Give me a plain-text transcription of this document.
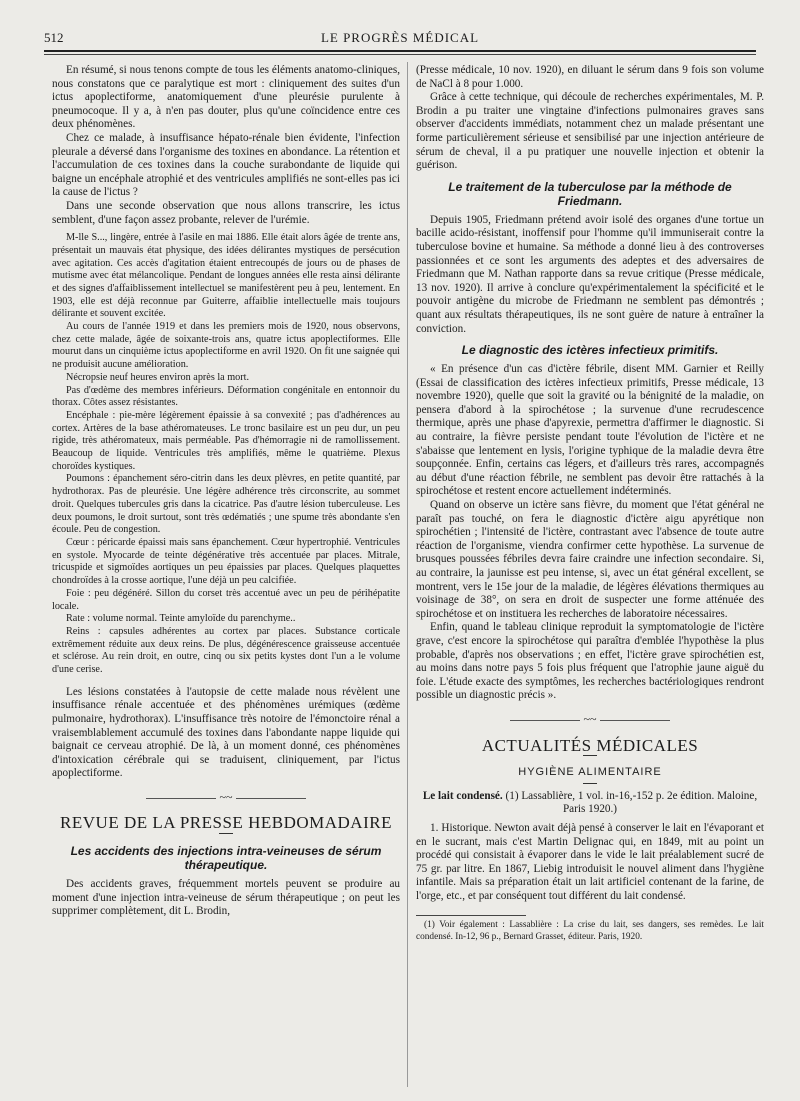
512	LE PROGRÈS MÉDICAL

En résumé, si nous tenons compte de tous les éléments anatomo-cliniques, nous constatons que ce paralytique est mort : cliniquement des suites d'un ictus apoplectiforme, anatomiquement d'une pleurésie purulente à pneumocoque. Il y a, à n'en pas douter, plus qu'une coïncidence entre ces deux phénomènes.

Chez ce malade, à insuffisance hépato-rénale bien évidente, l'infection pleurale a déversé dans l'organisme des toxines en abondance. La rétention et l'accumulation de ces toxines dans la couche surabondante de liquide qui baigne un encéphale atrophié et des ventricules amplifiés ne sont-elles pas ici la cause de l'ictus ?

Dans une seconde observation que nous allons transcrire, les ictus semblent, d'une façon assez probante, relever de l'urémie.

M-lle S..., lingère, entrée à l'asile en mai 1886. Elle était alors âgée de trente ans, présentait un mauvais état physique, des idées délirantes mystiques de persécution avec agitation. Ces accès d'agitation étaient entrecoupés de jours ou de phases de mutisme avec état mélancolique. Pendant de longues années elle resta ainsi délirante et des signes d'affaiblissement intellectuel se manifestèrent peu à peu, lentement. En 1903, elle est déjà reconnue par Guiterre, affaiblie intellectuelle mais toujours délirante et souvent excitée.

Au cours de l'année 1919 et dans les premiers mois de 1920, nous observons, chez cette malade, âgée de soixante-trois ans, quatre ictus apoplectiformes. Elle mourut dans un cinquième ictus apoplectiforme en avril 1920. On fit une saignée qui ne produisit aucune amélioration.

Nécropsie neuf heures environ après la mort.

Pas d'œdème des membres inférieurs. Déformation congénitale en entonnoir du thorax. Côtes assez résistantes.

Encéphale : pie-mère légèrement épaissie à sa convexité ; pas d'adhérences au cortex. Artères de la base athéromateuses. Le tronc basilaire est un peu dur, un peu rigide, très athéromateux, mais perméable. Pas d'hémorragie ni de ramollissement. Beaucoup de liquide. Ventricules très amplifiés, même le quatrième. Plexus choroïdes kystiques.

Poumons : épanchement séro-citrin dans les deux plèvres, en petite quantité, par hydrothorax. Pas de pleurésie. Une légère adhérence très circonscrite, au sommet droit. Quelques tubercules gris dans la cicatrice. Pas d'autre lésion tuberculeuse. Les deux poumons, le droit surtout, sont très œdématiés ; une spume très abondante s'en écoule. Peu de congestion.

Cœur : péricarde épaissi mais sans épanchement. Cœur hypertrophié. Ventricules en systole. Myocarde de teinte dégénérative très accentuée par places. Mitrale, tricuspide et sigmoïdes aortiques un peu épaissies par places. Quelques plaquettes chondroïdes à la crosse aortique, l'une déjà un peu calcifiée.

Foie : peu dégénéré. Sillon du corset très accentué avec un peu de périhépatite locale.

Rate : volume normal. Teinte amyloïde du parenchyme..

Reins : capsules adhérentes au cortex par places. Substance corticale extrêmement réduite aux deux reins. De plus, dégénérescence graisseuse accentuée et sclérose. Au rein droit, en outre, cinq ou six petits kystes dont l'un a le volume d'une cerise.

Les lésions constatées à l'autopsie de cette malade nous révèlent une insuffisance rénale accentuée et des phénomènes urémiques (œdème pulmonaire, hydrothorax). L'insuffisance très notoire de l'émonctoire rénal a vraisemblablement accumulé des toxines dans l'abondante nappe liquide qui baignait ce cerveau atrophié. De là, à un moment donné, ces phénomènes d'intoxication cérébrale qui se traduisent, cliniquement, par l'ictus apoplectiforme.

~~
REVUE DE LA PRESSE HEBDOMADAIRE
Les accidents des injections intra-veineuses de sérum thérapeutique.

Des accidents graves, fréquemment mortels peuvent se produire au moment d'une injection intra-veineuse de sérum thérapeutique ; on peut les supprimer complètement, dit L. Brodin,

(Presse médicale, 10 nov. 1920), en diluant le sérum dans 9 fois son volume de NaCl à 8 pour 1.000.

Grâce à cette technique, qui découle de recherches expérimentales, M. P. Brodin a pu traiter une vingtaine d'infections pulmonaires graves sans observer d'accidents immédiats, notamment chez un malade présentant une forme particulièrement sérieuse et sensibilisé par une injection antérieure de sérum de cheval, il a pu pratiquer une nouvelle injection et obtenir la guérison.

Le traitement de la tuberculose par la méthode de Friedmann.

Depuis 1905, Friedmann prétend avoir isolé des organes d'une tortue un bacille acido-résistant, inoffensif pour l'homme qu'il immuniserait contre la tuberculose bovine et humaine. Sa méthode a donné lieu à des controverses passionnées et ce sont les arguments des adeptes et des adversaires de Friedmann que M. Nathan rapporte dans sa revue critique (Presse médicale, 13 nov. 1920). Il arrive à conclure qu'expérimentalement la spécificité et le pouvoir antigène du microbe de Friedmann ne semblent pas démontrés ; quant aux résultats thérapeutiques, ils ne sont guère de nature à entraîner la conviction.

Le diagnostic des ictères infectieux primitifs.

« En présence d'un cas d'ictère fébrile, disent MM. Garnier et Reilly (Essai de classification des ictères infectieux primitifs, Presse médicale, 13 novembre 1920), quelle que soit la gravité ou la bénignité de la maladie, on pensera d'abord à la spirochétose ; la survenue d'une recrudescence thermique, après une phase d'apyrexie, permettra d'affirmer le diagnostic. Si au contraire, la fièvre persiste pendant toute l'évolution de l'ictère et ne s'abaisse que lentement en lysis, l'origine typhique de la maladie devra être soupçonnée. Enfin, certains cas légers, et d'ailleurs très rares, accompagnés au début d'une réaction fébrile, ne semblent pas devoir être rattachés à la spirochétose et restent encore actuellement indéterminés.

Quand on observe un ictère sans fièvre, du moment que l'état général ne paraît pas touché, on fera le diagnostic d'ictère aigu apyrétique non spirochétien ; l'intensité de l'ictère, contrastant avec l'absence de toute autre réaction de l'organisme, viendra confirmer cette hypothèse. La survenue de brusques poussées fébriles devra faire craindre une infection secondaire. Si, au contraire, la jaunisse est peu intense, si, avec un état général excellent, se montrent, vers le 15e jour de la maladie, de légères élévations thermiques au voisinage de 38°, on sera en droit de suspecter une forme atténuée des spirochétose et on instituera les recherches de laboratoire nécessaires.

Enfin, quand le tableau clinique reproduit la symptomatologie de l'ictère grave, c'est encore la spirochétose qui paraîtra d'emblée l'hypothèse la plus probable, d'après nos observations ; en effet, l'ictère grave spirochétien est, au moins dans notre pays 5 fois plus fréquent que l'atrophie jaune aiguë du foie. L'étude exacte des symptômes, les recherches bactériologiques rendront possible un diagnostic précis ».

~~
ACTUALITÉS MÉDICALES
HYGIÈNE ALIMENTAIRE

Le lait condensé. (1) Lassablière, 1 vol. in-16,-152 p. 2e édition. Maloine, Paris 1920.)

1. Historique. Newton avait déjà pensé à conserver le lait en l'évaporant et en le sucrant, mais c'est Martin Delignac qui, en 1849, mit au point un procédé qui consistait à évaporer dans le vide le lait préalablement sucré de 75 gr. par litre. En 1867, Liebig introduisit le nouvel aliment dans l'hygiène infantile. Mais sa préparation était un lait artificiel contenant de la farine, de l'orge, etc., et par conséquent tout différent du lait condensé.

(1) Voir également : Lassablière : La crise du lait, ses dangers, ses remèdes. Le lait condensé. In-12, 96 p., Bernard Grasset, éditeur. Paris, 1920.
